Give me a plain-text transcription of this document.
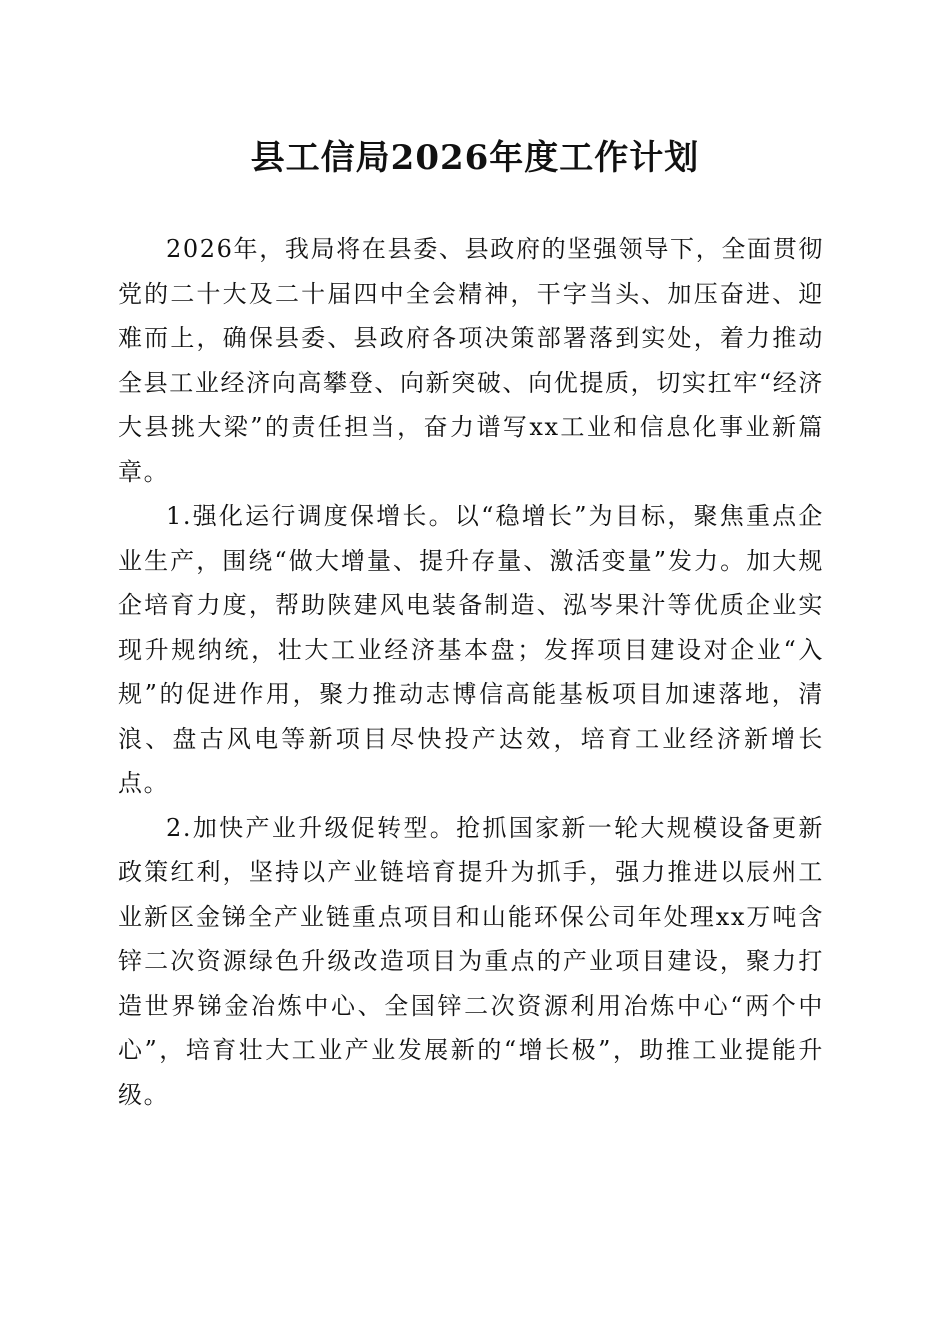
县工信局2026年度工作计划

2026年，我局将在县委、县政府的坚强领导下，全面贯彻党的二十大及二十届四中全会精神，干字当头、加压奋进、迎难而上，确保县委、县政府各项决策部署落到实处，着力推动全县工业经济向高攀登、向新突破、向优提质，切实扛牢“经济大县挑大梁”的责任担当，奋力谱写xx工业和信息化事业新篇章。

1.强化运行调度保增长。以“稳增长”为目标，聚焦重点企业生产，围绕“做大增量、提升存量、激活变量”发力。加大规企培育力度，帮助陕建风电装备制造、泓岑果汁等优质企业实现升规纳统，壮大工业经济基本盘；发挥项目建设对企业“入规”的促进作用，聚力推动志博信高能基板项目加速落地，清浪、盘古风电等新项目尽快投产达效，培育工业经济新增长点。

2.加快产业升级促转型。抢抓国家新一轮大规模设备更新政策红利，坚持以产业链培育提升为抓手，强力推进以辰州工业新区金锑全产业链重点项目和山能环保公司年处理xx万吨含锌二次资源绿色升级改造项目为重点的产业项目建设，聚力打造世界锑金冶炼中心、全国锌二次资源利用冶炼中心“两个中心”，培育壮大工业产业发展新的“增长极”，助推工业提能升级。
